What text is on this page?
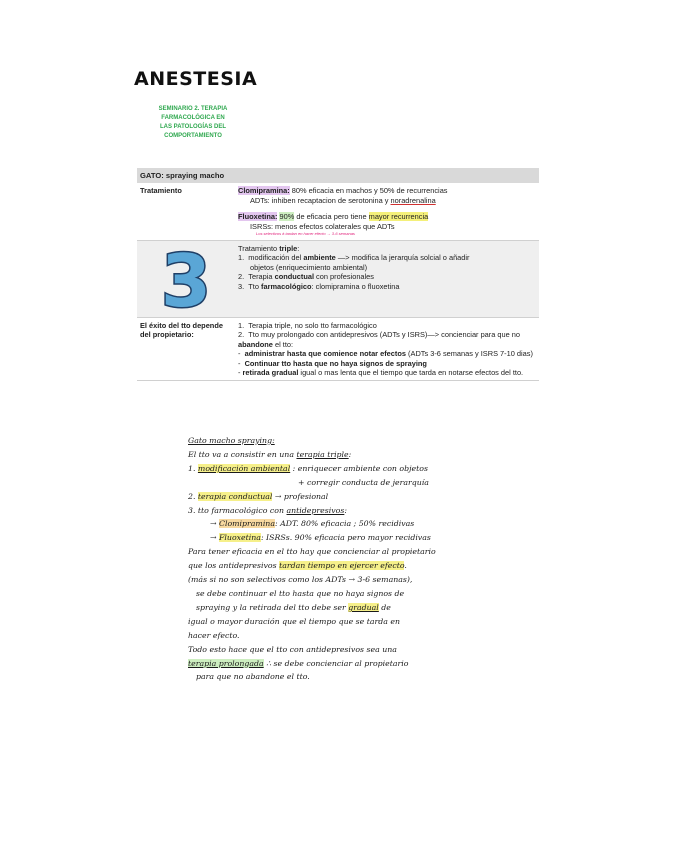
ANESTESIA
SEMINARIO 2. TERAPIA FARMACOLÓGICA EN
LAS PATOLOGÍAS DEL COMPORTAMIENTO
GATO: spraying macho	
Tratamiento	Clomipramina: 80% eficacia en machos y 50% de recurrencias
ADTs: inhiben recaptacion de serotonina y noradrenalina
Fluoxetina: 90% de eficacia pero tiene mayor recurrencia
ISRSs: menos efectos colaterales que ADTs
Los selectivos ≠ tardan en hacer efecto → 3-6 semanas

3	Tratamiento triple:
1.  modificación del ambiente —> modifica la jerarquía solcial o añadir
objetos (enriquecimiento ambiental)
2.  Terapia conductual con profesionales
3.  Tto farmacológico: clomipramina o fluoxetina

El éxito del tto depende del propietario:	1.  Terapia triple, no solo tto farmacológico
2.  Tto muy prolongado con antidepresivos (ADTs y ISRS)—> concienciar para que no abandone el tto:
-  administrar hasta que comience notar efectos (ADTs 3-6 semanas y ISRS 7-10 dias)
-  Continuar tto hasta que no haya signos de spraying
- retirada gradual igual o mas lenta que el tiempo que tarda en notarse efectos del tto.
Gato macho spraying:
El tto va a consistir en una terapia triple:
1. modificación ambiental : enriquecer ambiente con objetos
+ corregir conducta de jerarquía
2. terapia conductual → profesional
3. tto farmacológico con antidepresivos:
→ Clomipramina: ADT. 80% eficacia ; 50% recidivas
→ Fluoxetina: ISRSs. 90% eficacia pero mayor recidivas
Para tener eficacia en el tto hay que concienciar al propietario
que los antidepresivos tardan tiempo en ejercer efecto.
(más si no son selectivos como los ADTs → 3-6 semanas),
se debe continuar el tto hasta que no haya signos de
spraying y la retirada del tto debe ser gradual de
igual o mayor duración que el tiempo que se tarda en
hacer efecto.
Todo esto hace que el tto con antidepresivos sea una
terapia prolongada ∴ se debe concienciar al propietario
para que no abandone el tto.
